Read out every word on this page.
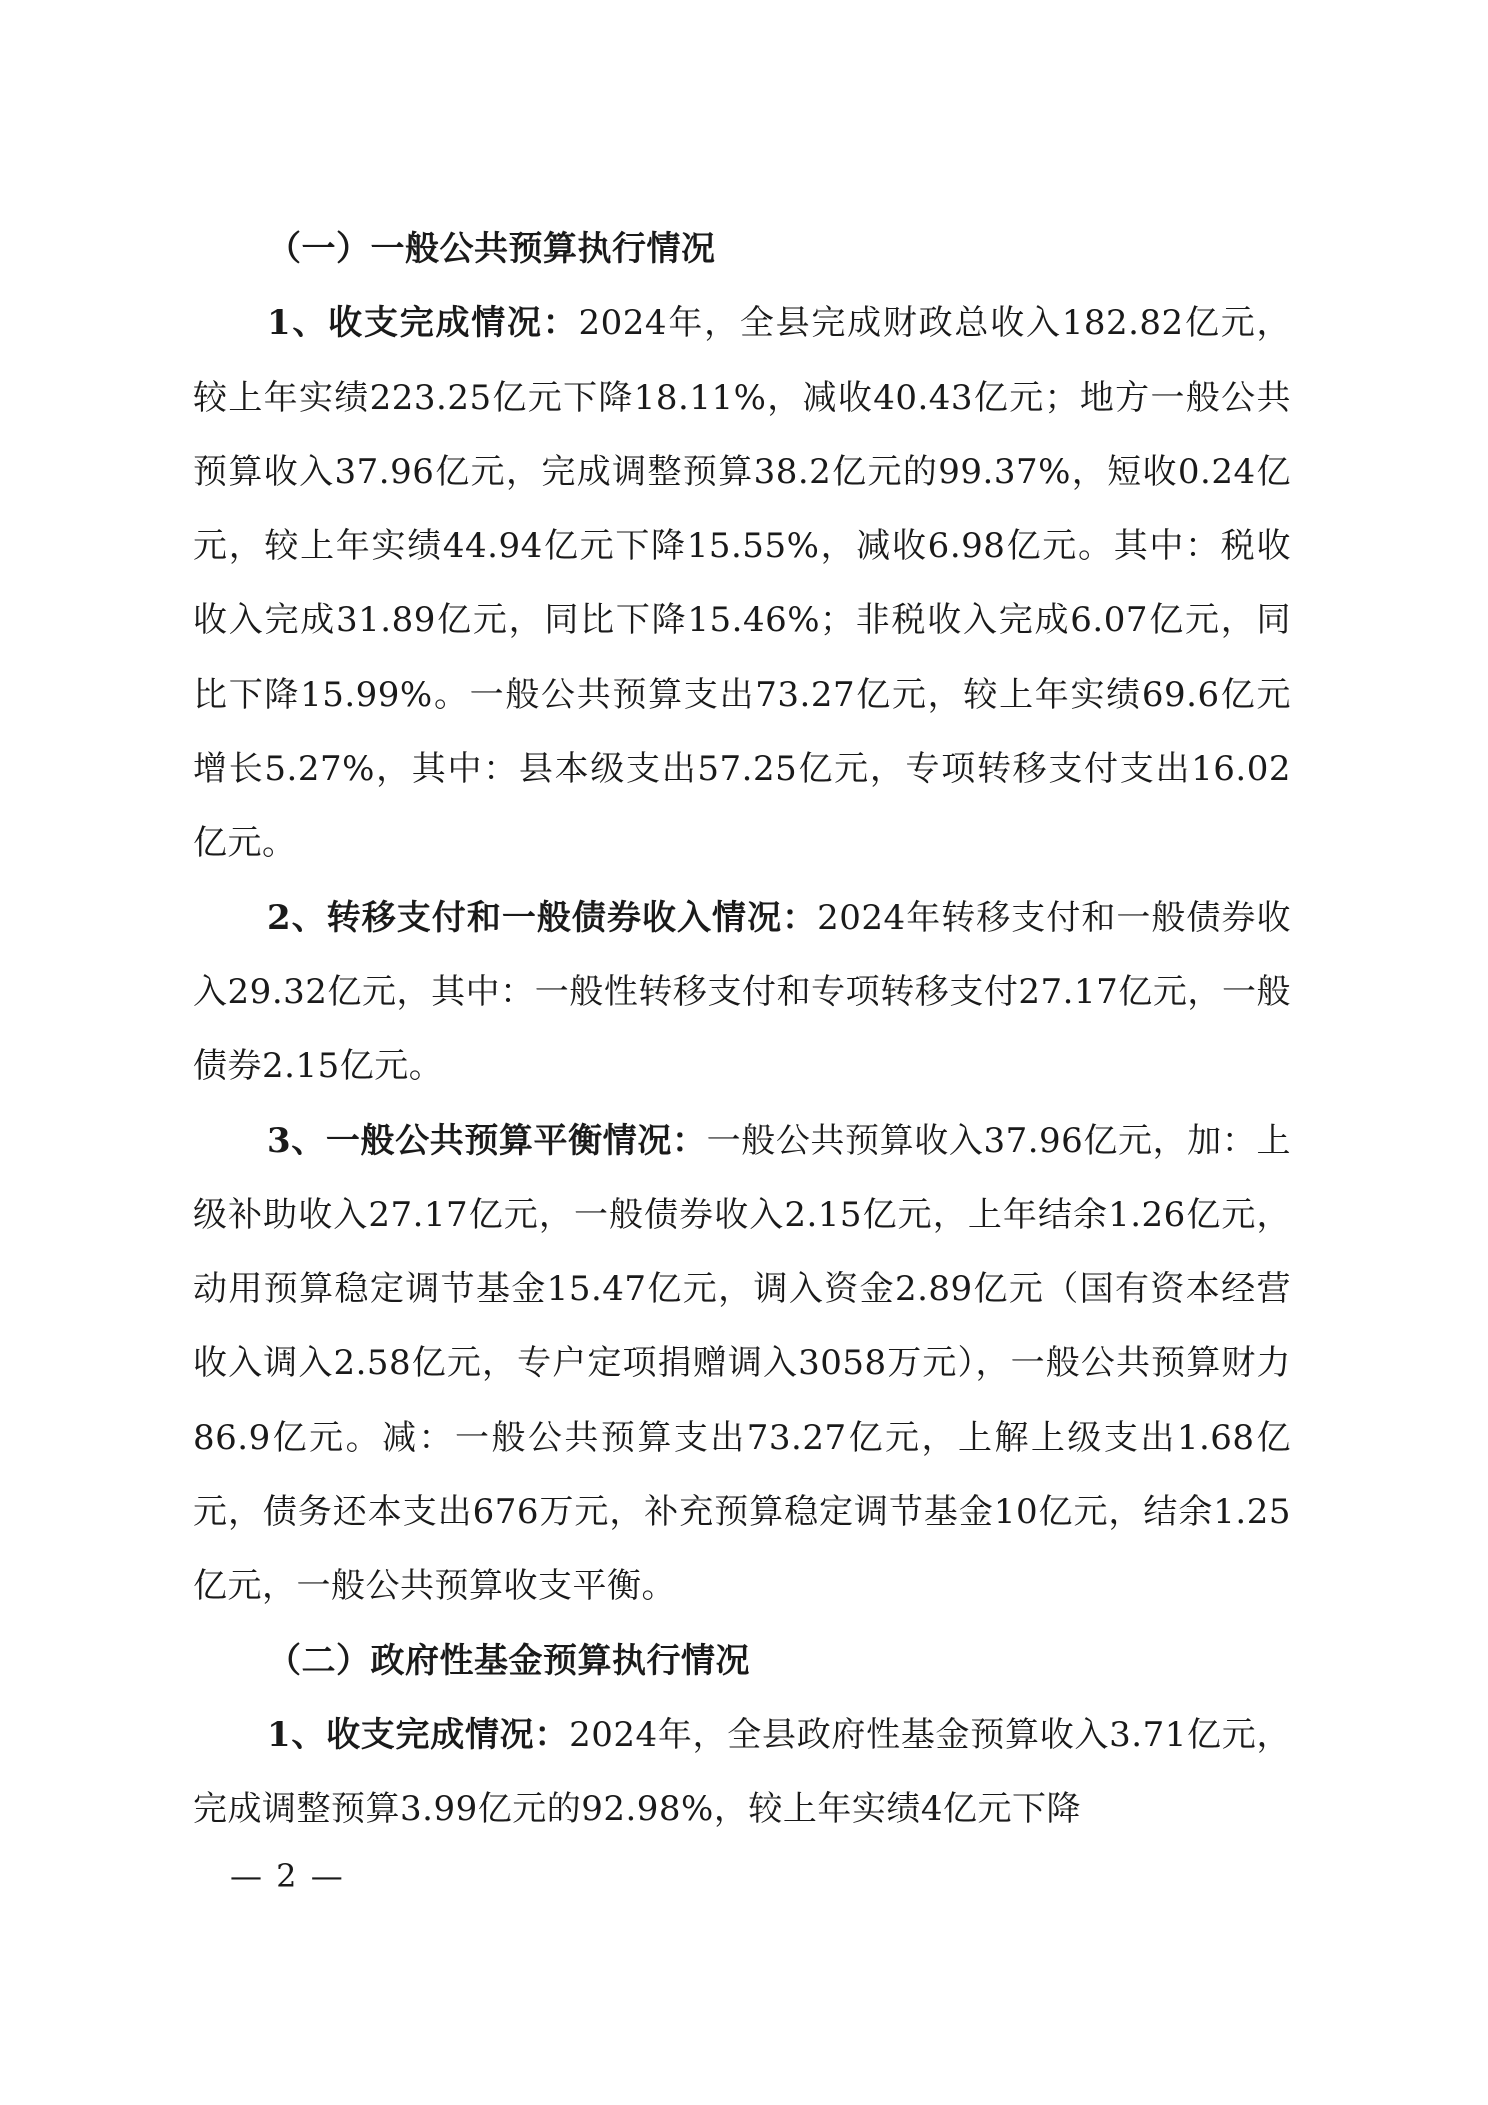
（一）一般公共预算执行情况

1、收支完成情况：2024年，全县完成财政总收入182.82亿元，较上年实绩223.25亿元下降18.11%，减收40.43亿元；地方一般公共预算收入37.96亿元，完成调整预算38.2亿元的99.37%，短收0.24亿元，较上年实绩44.94亿元下降15.55%，减收6.98亿元。其中：税收收入完成31.89亿元，同比下降15.46%；非税收入完成6.07亿元，同比下降15.99%。一般公共预算支出73.27亿元，较上年实绩69.6亿元增长5.27%，其中：县本级支出57.25亿元，专项转移支付支出16.02亿元。

2、转移支付和一般债券收入情况：2024年转移支付和一般债券收入29.32亿元，其中：一般性转移支付和专项转移支付27.17亿元，一般债券2.15亿元。

3、一般公共预算平衡情况：一般公共预算收入37.96亿元，加：上级补助收入27.17亿元，一般债券收入2.15亿元，上年结余1.26亿元，动用预算稳定调节基金15.47亿元，调入资金2.89亿元（国有资本经营收入调入2.58亿元，专户定项捐赠调入3058万元），一般公共预算财力86.9亿元。减：一般公共预算支出73.27亿元，上解上级支出1.68亿元，债务还本支出676万元，补充预算稳定调节基金10亿元，结余1.25亿元，一般公共预算收支平衡。

（二）政府性基金预算执行情况

1、收支完成情况：2024年，全县政府性基金预算收入3.71亿元，完成调整预算3.99亿元的92.98%，较上年实绩4亿元下降

— 2 —
